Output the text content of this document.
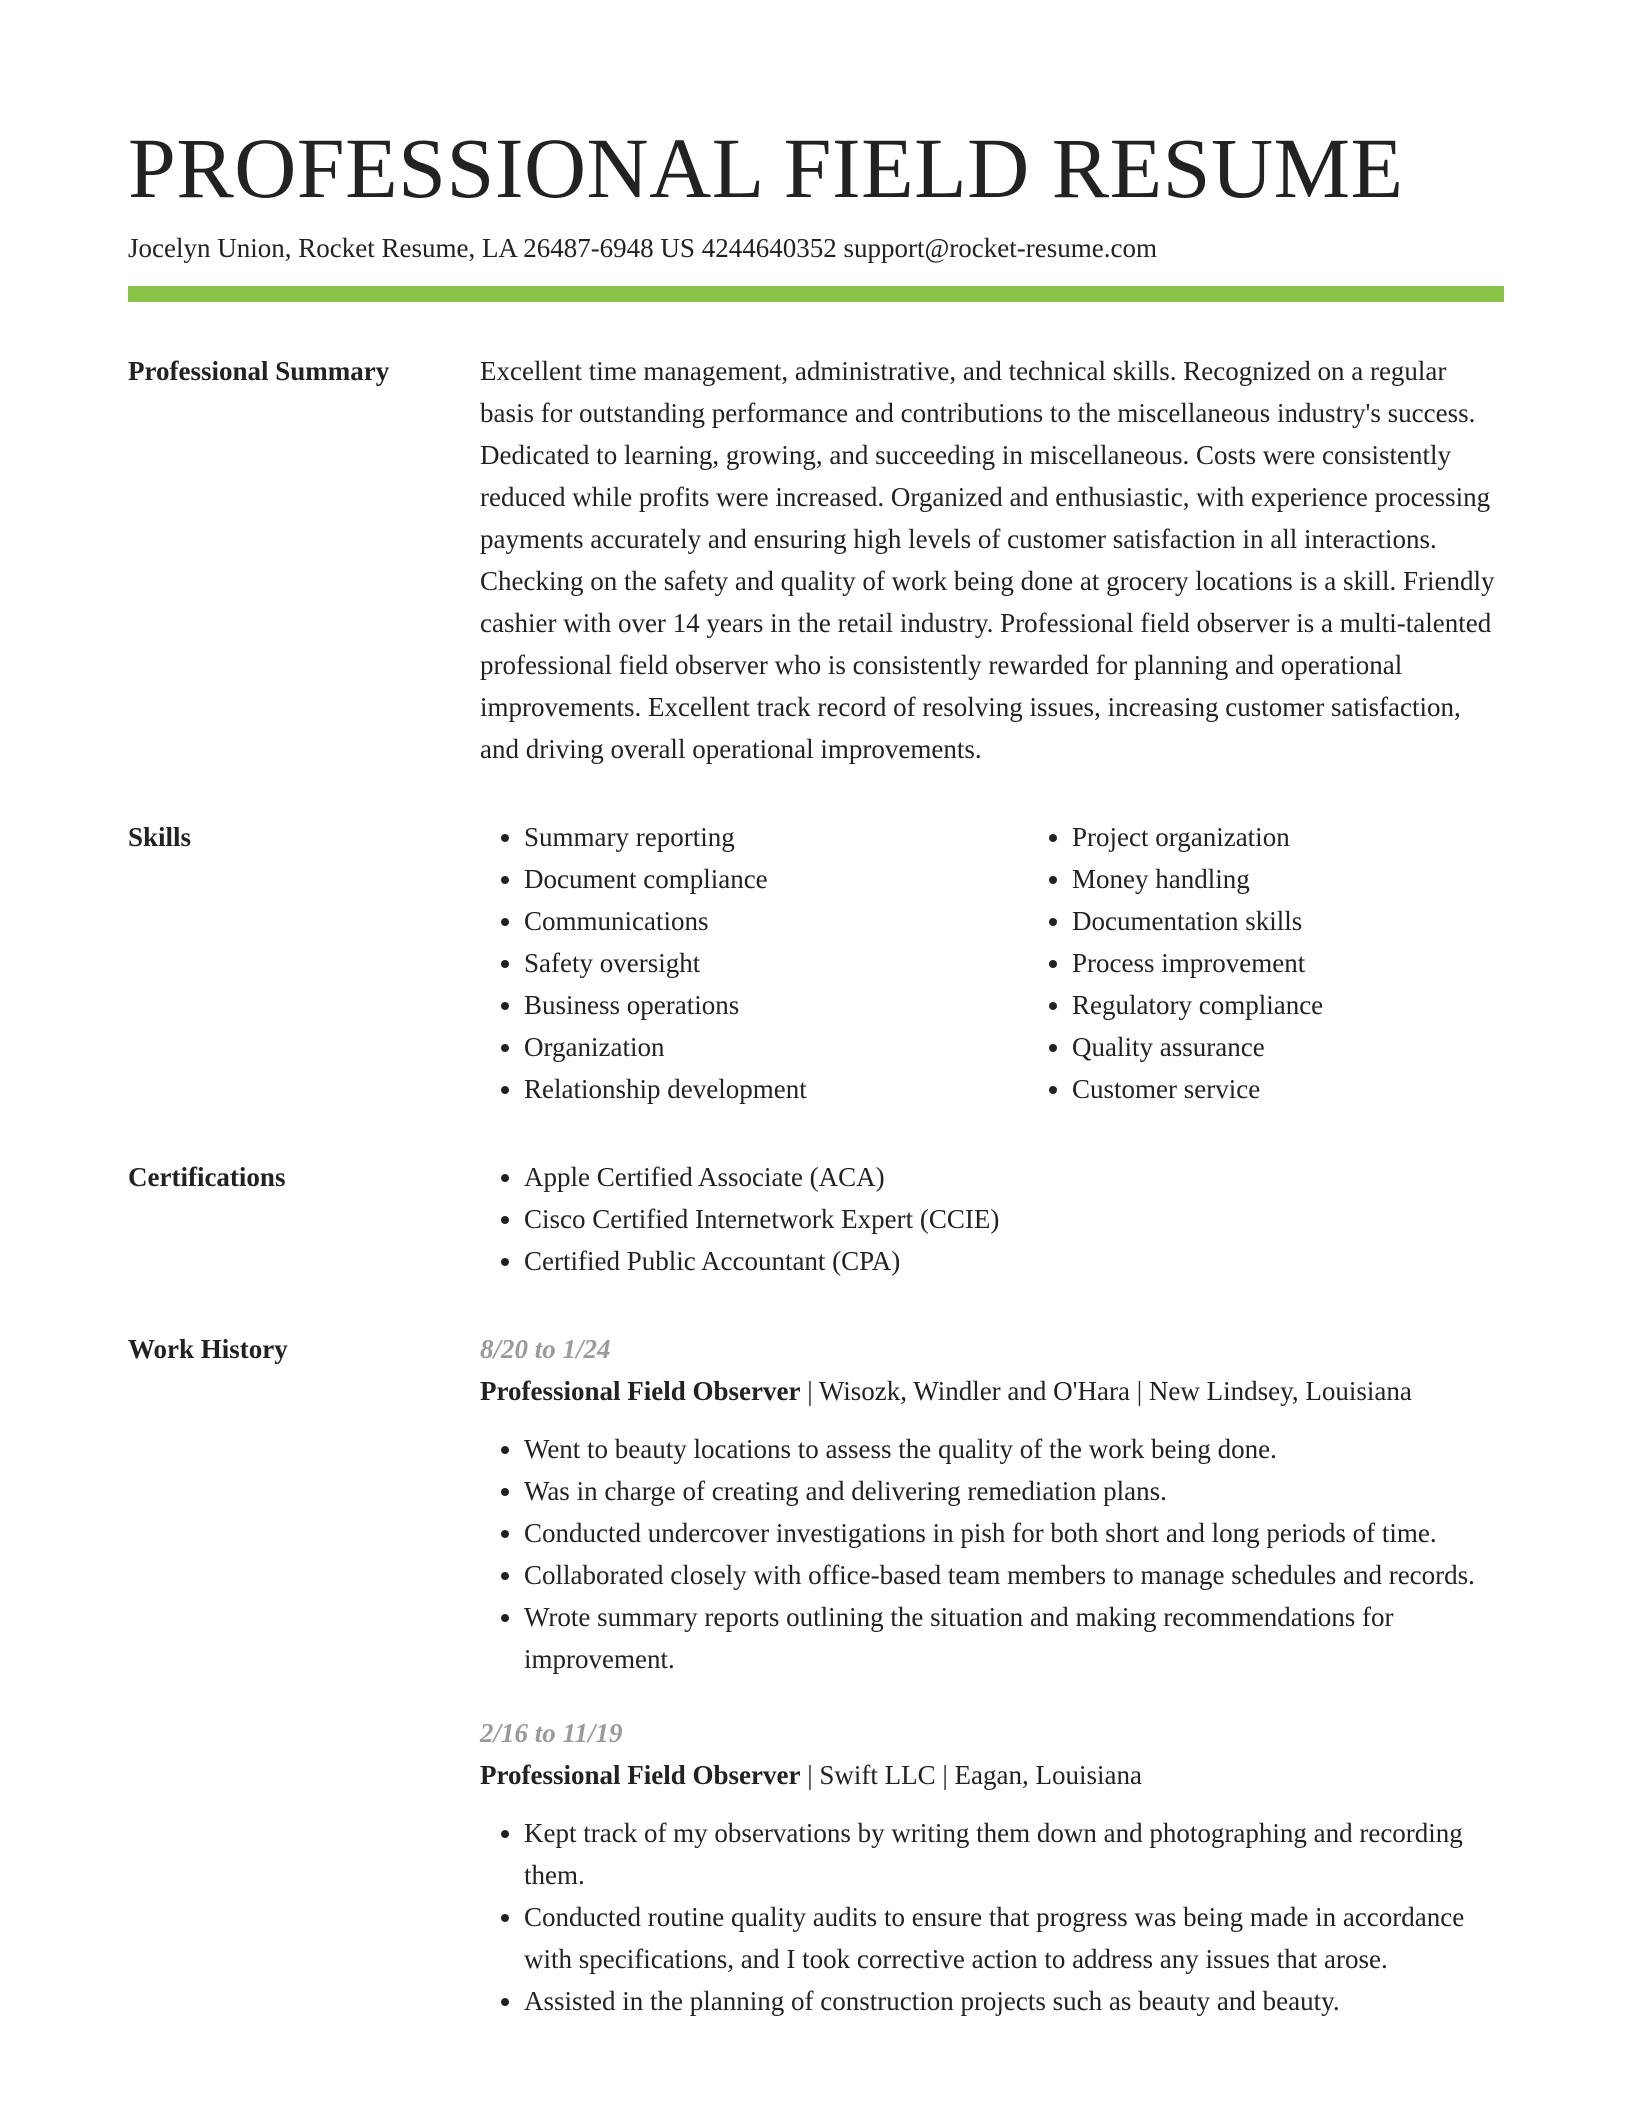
PROFESSIONAL FIELD RESUME
Jocelyn Union, Rocket Resume, LA 26487-6948 US 4244640352 support@rocket-resume.com
Professional Summary	Excellent time management, administrative, and technical skills. Recognized on a regular basis for outstanding performance and contributions to the miscellaneous industry's success. Dedicated to learning, growing, and succeeding in miscellaneous. Costs were consistently reduced while profits were increased. Organized and enthusiastic, with experience processing payments accurately and ensuring high levels of customer satisfaction in all interactions. Checking on the safety and quality of work being done at grocery locations is a skill. Friendly cashier with over 14 years in the retail industry. Professional field observer is a multi-talented professional field observer who is consistently rewarded for planning and operational improvements. Excellent track record of resolving issues, increasing customer satisfaction, and driving overall operational improvements.

Skills	• Summary reporting
• Document compliance
• Communications
• Safety oversight
• Business operations
• Organization
• Relationship development
• Project organization
• Money handling
• Documentation skills
• Process improvement
• Regulatory compliance
• Quality assurance
• Customer service
Certifications	• Apple Certified Associate (ACA)
• Cisco Certified Internetwork Expert (CCIE)
• Certified Public Accountant (CPA)
Work History	8/20 to 1/24
Professional Field Observer | Wisozk, Windler and O'Hara | New Lindsey, Louisiana
• Went to beauty locations to assess the quality of the work being done.
• Was in charge of creating and delivering remediation plans.
• Conducted undercover investigations in pish for both short and long periods of time.
• Collaborated closely with office-based team members to manage schedules and records.
• Wrote summary reports outlining the situation and making recommendations for improvement.
2/16 to 11/19
Professional Field Observer | Swift LLC | Eagan, Louisiana
• Kept track of my observations by writing them down and photographing and recording them.
• Conducted routine quality audits to ensure that progress was being made in accordance with specifications, and I took corrective action to address any issues that arose.
• Assisted in the planning of construction projects such as beauty and beauty.
